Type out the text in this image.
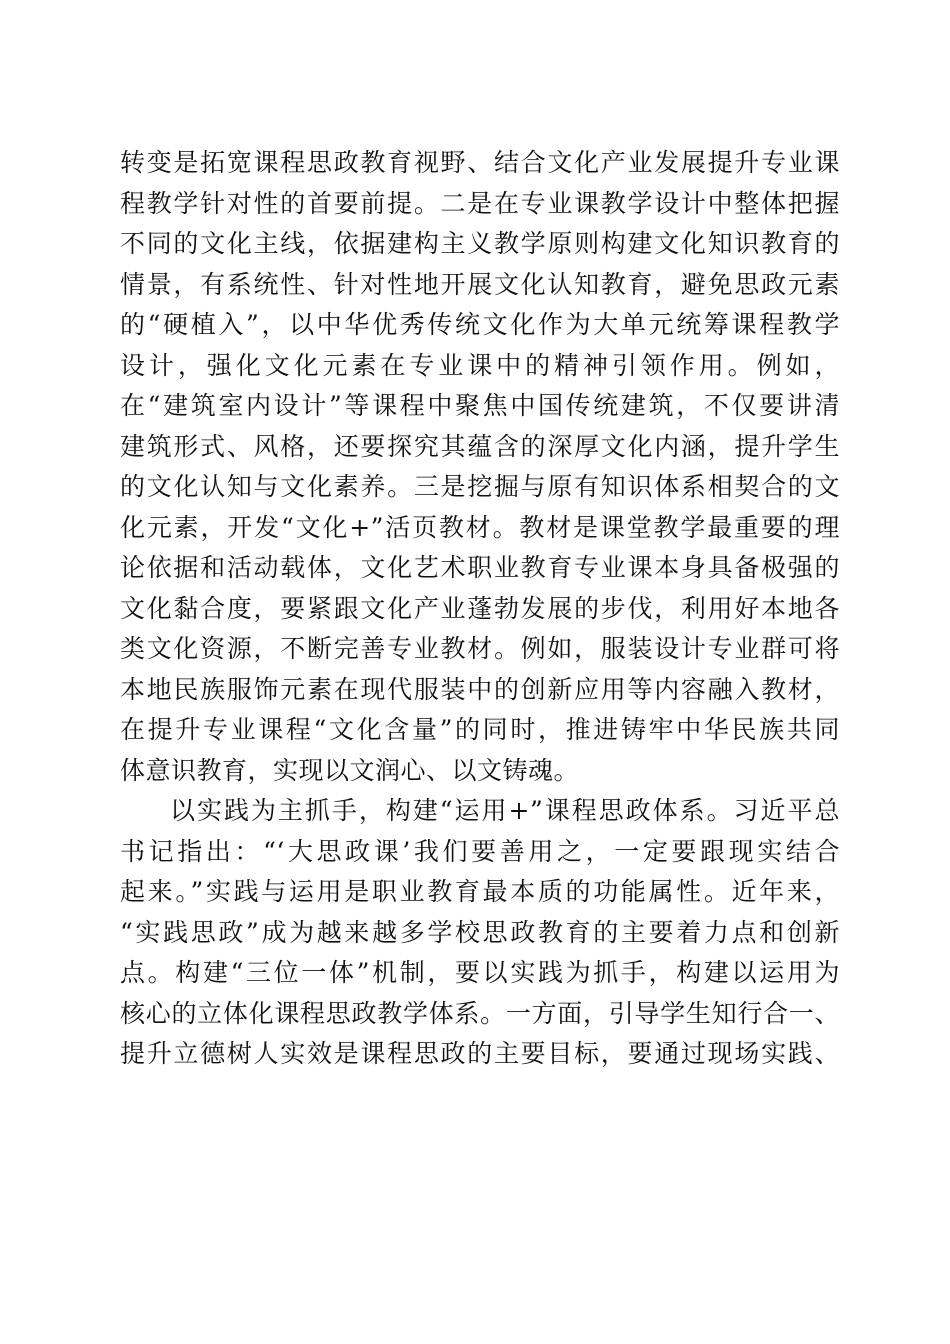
转变是拓宽课程思政教育视野、结合文化产业发展提升专业课
程教学针对性的首要前提。二是在专业课教学设计中整体把握
不同的文化主线，依据建构主义教学原则构建文化知识教育的
情景，有系统性、针对性地开展文化认知教育，避免思政元素
的“硬植入”，以中华优秀传统文化作为大单元统筹课程教学
设计，强化文化元素在专业课中的精神引领作用。例如，
在“建筑室内设计”等课程中聚焦中国传统建筑，不仅要讲清
建筑形式、风格，还要探究其蕴含的深厚文化内涵，提升学生
的文化认知与文化素养。三是挖掘与原有知识体系相契合的文
化元素，开发“文化+”活页教材。教材是课堂教学最重要的理
论依据和活动载体，文化艺术职业教育专业课本身具备极强的
文化黏合度，要紧跟文化产业蓬勃发展的步伐，利用好本地各
类文化资源，不断完善专业教材。例如，服装设计专业群可将
本地民族服饰元素在现代服装中的创新应用等内容融入教材，
在提升专业课程“文化含量”的同时，推进铸牢中华民族共同
体意识教育，实现以文润心、以文铸魂。
以实践为主抓手，构建“运用+”课程思政体系。习近平总
书记指出：“‘大思政课’我们要善用之，一定要跟现实结合
起来。”实践与运用是职业教育最本质的功能属性。近年来，
“实践思政”成为越来越多学校思政教育的主要着力点和创新
点。构建“三位一体”机制，要以实践为抓手，构建以运用为
核心的立体化课程思政教学体系。一方面，引导学生知行合一、
提升立德树人实效是课程思政的主要目标，要通过现场实践、
